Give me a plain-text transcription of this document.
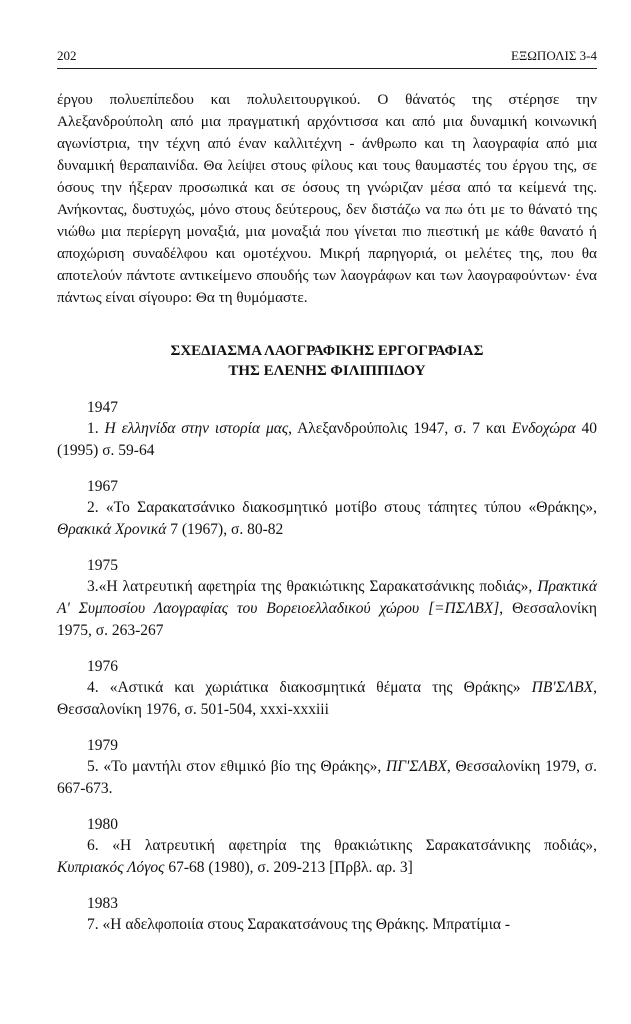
202	ΕΞΩΠΟΛΙΣ 3-4

έργου πολυεπίπεδου και πολυλειτουργικού. Ο θάνατός της στέρησε την Αλεξανδρούπολη από μια πραγματική αρχόντισσα και από μια δυναμική κοινωνική αγωνίστρια, την τέχνη από έναν καλλιτέχνη - άνθρωπο και τη λαογραφία από μια δυναμική θεραπαινίδα. Θα λείψει στους φίλους και τους θαυμαστές του έργου της, σε όσους την ήξεραν προσωπικά και σε όσους τη γνώριζαν μέσα από τα κείμενά της. Ανήκοντας, δυστυχώς, μόνο στους δεύτερους, δεν διστάζω να πω ότι με το θάνατό της νιώθω μια περίεργη μοναξιά, μια μοναξιά που γίνεται πιο πιεστική με κάθε θανατό ή αποχώριση συναδέλφου και ομοτέχνου. Μικρή παρηγοριά, οι μελέτες της, που θα αποτελούν πάντοτε αντικείμενο σπουδής των λαογράφων και των λαογραφούντων· ένα πάντως είναι σίγουρο: Θα τη θυμόμαστε.

ΣΧΕΔΙΑΣΜΑ ΛΑΟΓΡΑΦΙΚΗΣ ΕΡΓΟΓΡΑΦΙΑΣ
ΤΗΣ ΕΛΕΝΗΣ ΦΙΛΙΠΠΙΔΟΥ
1947

1. Η ελληνίδα στην ιστορία μας, Αλεξανδρούπολις 1947, σ. 7 και Ενδοχώρα 40 (1995) σ. 59-64

1967

2. «Το Σαρακατσάνικο διακοσμητικό μοτίβο στους τάπητες τύπου «Θράκης», Θρακικά Χρονικά 7 (1967), σ. 80-82

1975

3.«Η λατρευτική αφετηρία της θρακιώτικης Σαρακατσάνικης ποδιάς», Πρακτικά Α' Συμποσίου Λαογραφίας του Βορειοελλαδικού χώρου [=ΠΣΛΒΧ], Θεσσαλονίκη 1975, σ. 263-267

1976

4. «Αστικά και χωριάτικα διακοσμητικά θέματα της Θράκης» ΠΒ'ΣΛΒΧ, Θεσσαλονίκη 1976, σ. 501-504, xxxi-xxxiii

1979

5. «Το μαντήλι στον εθιμικό βίο της Θράκης», ΠΓ'ΣΛΒΧ, Θεσσαλονίκη 1979, σ. 667-673.

1980

6. «Η λατρευτική αφετηρία της θρακιώτικης Σαρακατσάνικης ποδιάς», Κυπριακός Λόγος 67-68 (1980), σ. 209-213 [Πρβλ. αρ. 3]

1983

7. «Η αδελφοποιία στους Σαρακατσάνους της Θράκης. Μπρατίμια -
